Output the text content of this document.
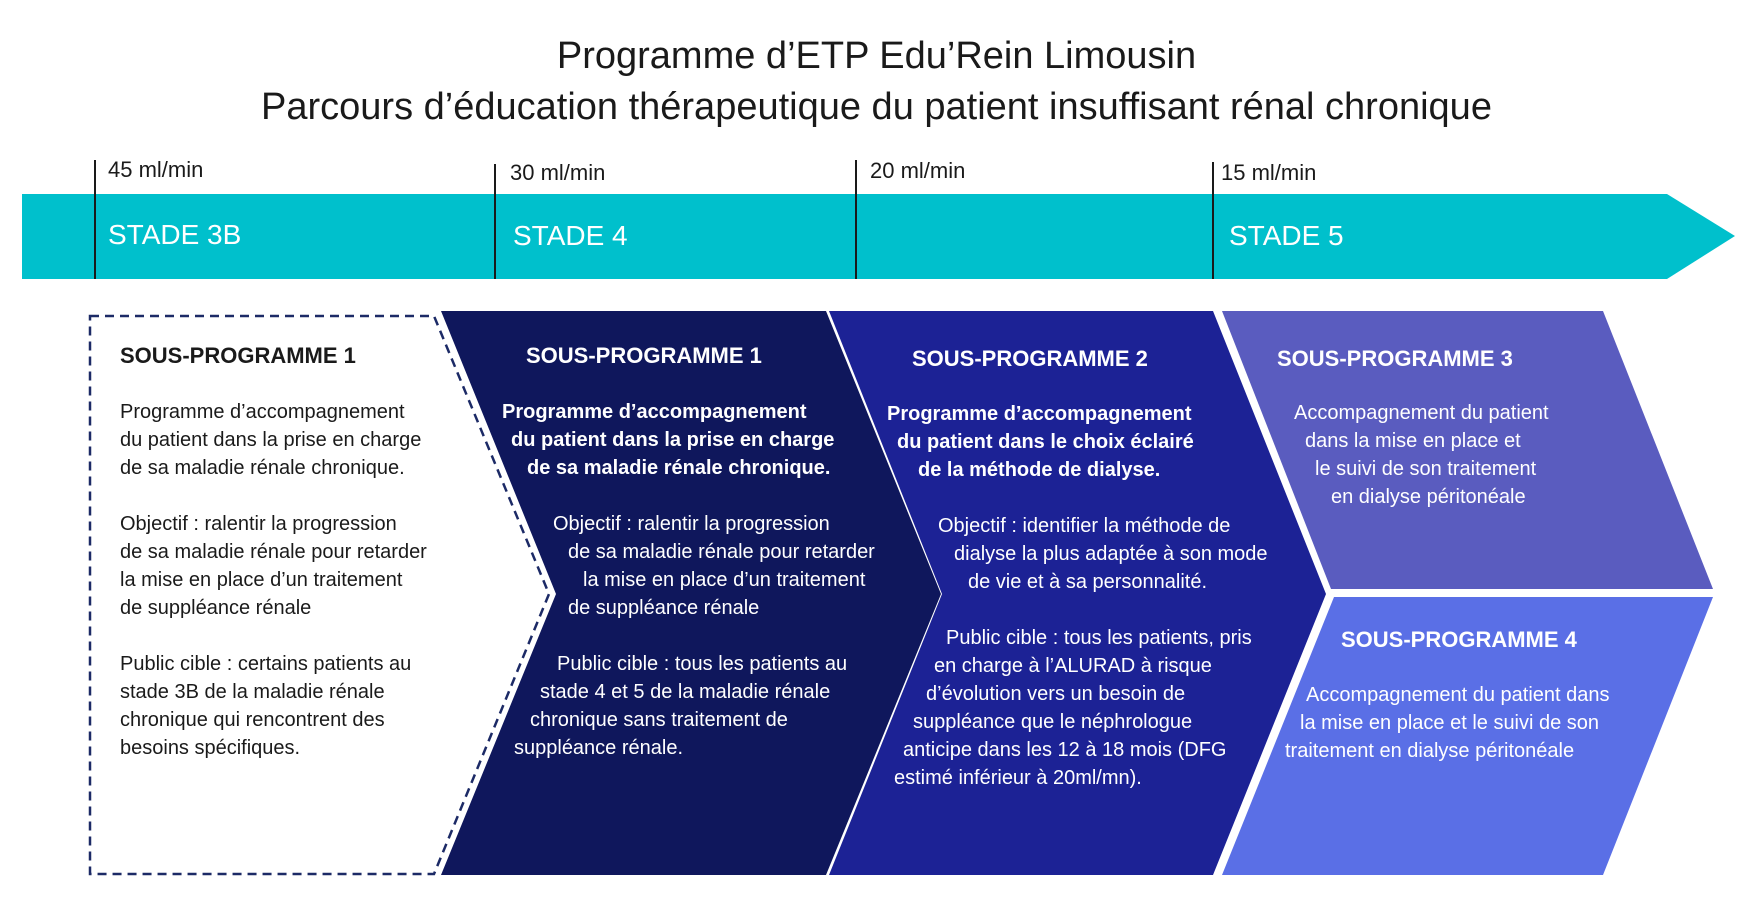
Programme d’ETP Edu’Rein Limousin
Parcours d’éducation thérapeutique du patient insuffisant rénal chronique
45 ml/min	30 ml/min	20 ml/min	15 ml/min
STADE 3B	STADE 4	STADE 5
SOUS-PROGRAMME 1
Programme d’accompagnement
du patient dans la prise en charge
de sa maladie rénale chronique.
Objectif : ralentir la progression
de sa maladie rénale pour retarder
la mise en place d’un traitement
de suppléance rénale
Public cible : certains patients au
stade 3B de la maladie rénale
chronique qui rencontrent des
besoins spécifiques.
SOUS-PROGRAMME 1
Programme d’accompagnement
du patient dans la prise en charge
de sa maladie rénale chronique.
Objectif : ralentir la progression
de sa maladie rénale pour retarder
la mise en place d’un traitement
de suppléance rénale
Public cible : tous les patients au
stade 4 et 5 de la maladie rénale
chronique sans traitement de
suppléance rénale.
SOUS-PROGRAMME 2
Programme d’accompagnement
du patient dans le choix éclairé
de la méthode de dialyse.
Objectif : identifier la méthode de
dialyse la plus adaptée à son mode
de vie et à sa personnalité.
Public cible : tous les patients, pris
en charge à l’ALURAD à risque
d’évolution vers un besoin de
suppléance que le néphrologue
anticipe dans les 12 à 18 mois (DFG
estimé inférieur à 20ml/mn).
SOUS-PROGRAMME 3
Accompagnement du patient
dans la mise en place et
le suivi de son traitement
en dialyse péritonéale
SOUS-PROGRAMME 4
Accompagnement du patient dans
la mise en place et le suivi de son
traitement en dialyse péritonéale
